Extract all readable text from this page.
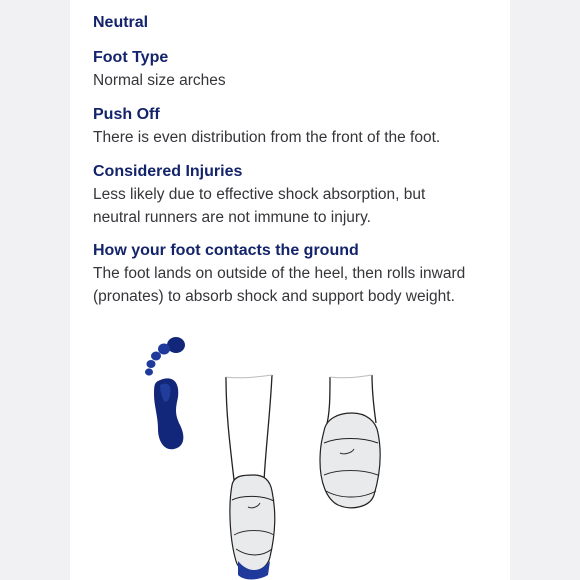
Neutral

Foot Type

Normal size arches

Push Off

There is even distribution from the front of the foot.

Considered Injuries

Less likely due to effective shock absorption, but

neutral runners are not immune to injury.

How your foot contacts the ground

The foot lands on outside of the heel, then rolls inward

(pronates) to absorb shock and support body weight.
